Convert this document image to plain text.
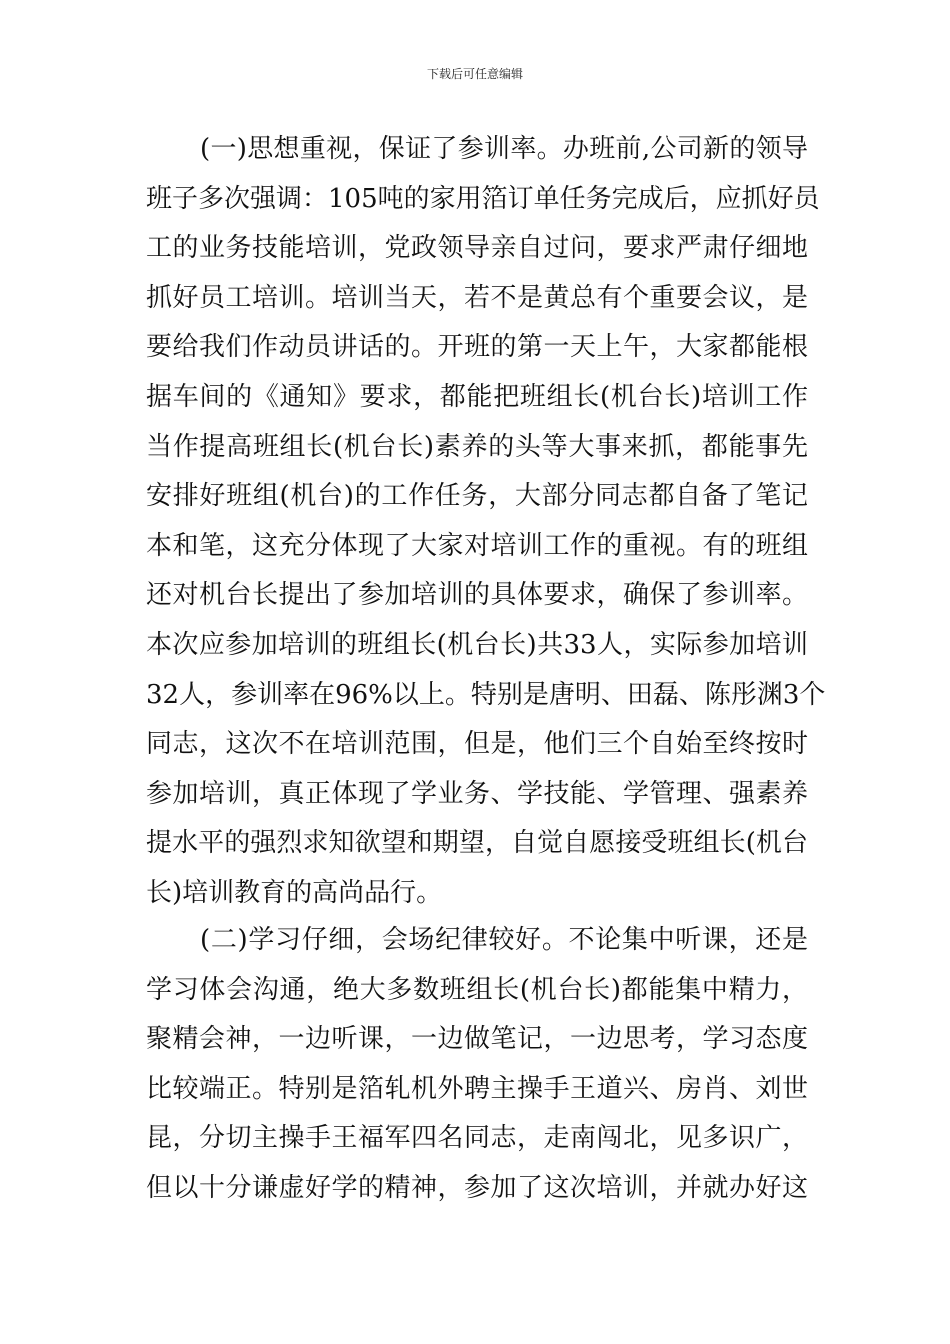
下载后可任意编辑
(一)思想重视，保证了参训率。办班前,公司新的领导
班子多次强调：105吨的家用箔订单任务完成后，应抓好员
工的业务技能培训，党政领导亲自过问，要求严肃仔细地
抓好员工培训。培训当天，若不是黄总有个重要会议，是
要给我们作动员讲话的。开班的第一天上午，大家都能根
据车间的《通知》要求，都能把班组长(机台长)培训工作
当作提高班组长(机台长)素养的头等大事来抓，都能事先
安排好班组(机台)的工作任务，大部分同志都自备了笔记
本和笔，这充分体现了大家对培训工作的重视。有的班组
还对机台长提出了参加培训的具体要求，确保了参训率。
本次应参加培训的班组长(机台长)共33人，实际参加培训
32人，参训率在96%以上。特别是唐明、田磊、陈彤渊3个
同志，这次不在培训范围，但是，他们三个自始至终按时
参加培训，真正体现了学业务、学技能、学管理、强素养
提水平的强烈求知欲望和期望，自觉自愿接受班组长(机台
长)培训教育的高尚品行。
(二)学习仔细，会场纪律较好。不论集中听课，还是
学习体会沟通，绝大多数班组长(机台长)都能集中精力，
聚精会神，一边听课，一边做笔记，一边思考，学习态度
比较端正。特别是箔轧机外聘主操手王道兴、房肖、刘世
昆，分切主操手王福军四名同志，走南闯北，见多识广，
但以十分谦虚好学的精神，参加了这次培训，并就办好这
